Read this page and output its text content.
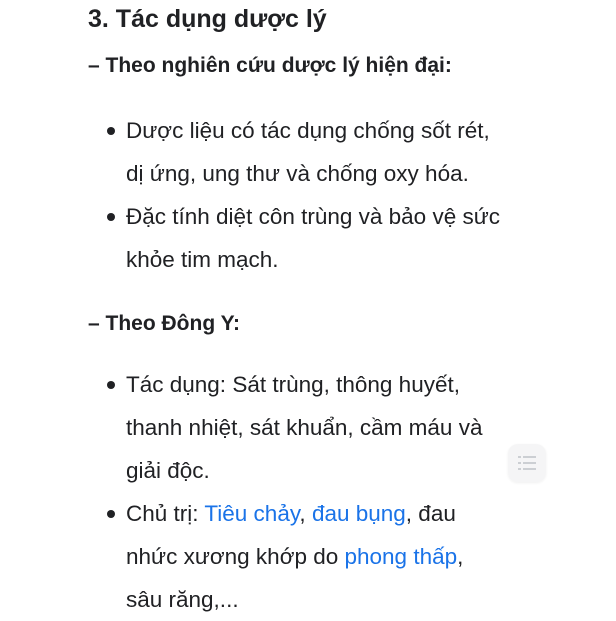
3. Tác dụng dược lý
– Theo nghiên cứu dược lý hiện đại:
Dược liệu có tác dụng chống sốt rét,
dị ứng, ung thư và chống oxy hóa.
Đặc tính diệt côn trùng và bảo vệ sức
khỏe tim mạch.
– Theo Đông Y:
Tác dụng: Sát trùng, thông huyết,
thanh nhiệt, sát khuẩn, cầm máu và
giải độc.
Chủ trị: Tiêu chảy, đau bụng, đau
nhức xương khớp do phong thấp,
sâu răng,...
